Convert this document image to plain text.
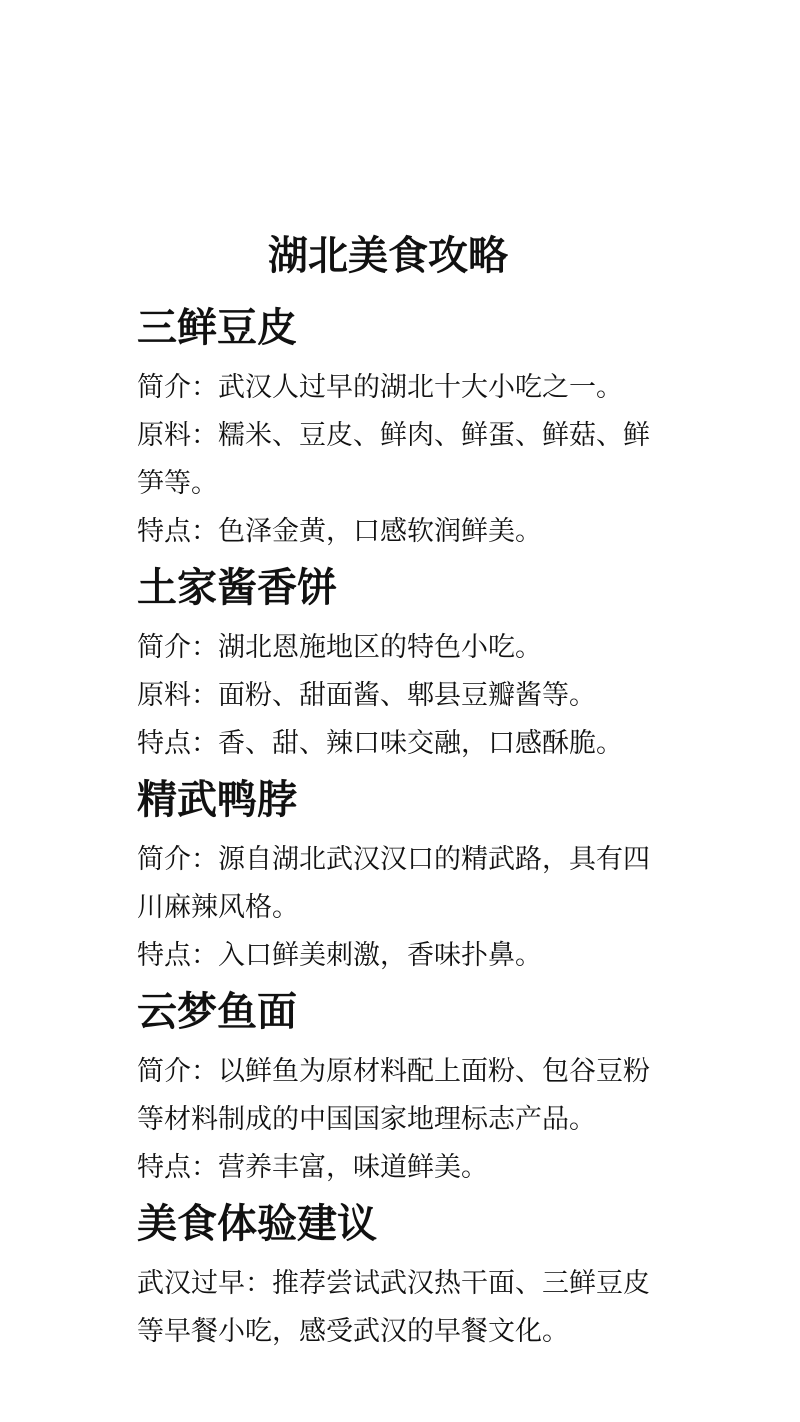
湖北美食攻略
三鲜豆皮
简介：武汉人过早的湖北十大小吃之一。
原料：糯米、豆皮、鲜肉、鲜蛋、鲜菇、鲜
笋等。
特点：色泽金黄，口感软润鲜美。
土家酱香饼
简介：湖北恩施地区的特色小吃。
原料：面粉、甜面酱、郫县豆瓣酱等。
特点：香、甜、辣口味交融，口感酥脆。
精武鸭脖
简介：源自湖北武汉汉口的精武路，具有四
川麻辣风格。
特点：入口鲜美刺激，香味扑鼻。
云梦鱼面
简介：以鲜鱼为原材料配上面粉、包谷豆粉
等材料制成的中国国家地理标志产品。
特点：营养丰富，味道鲜美。
美食体验建议
武汉过早：推荐尝试武汉热干面、三鲜豆皮
等早餐小吃，感受武汉的早餐文化。
